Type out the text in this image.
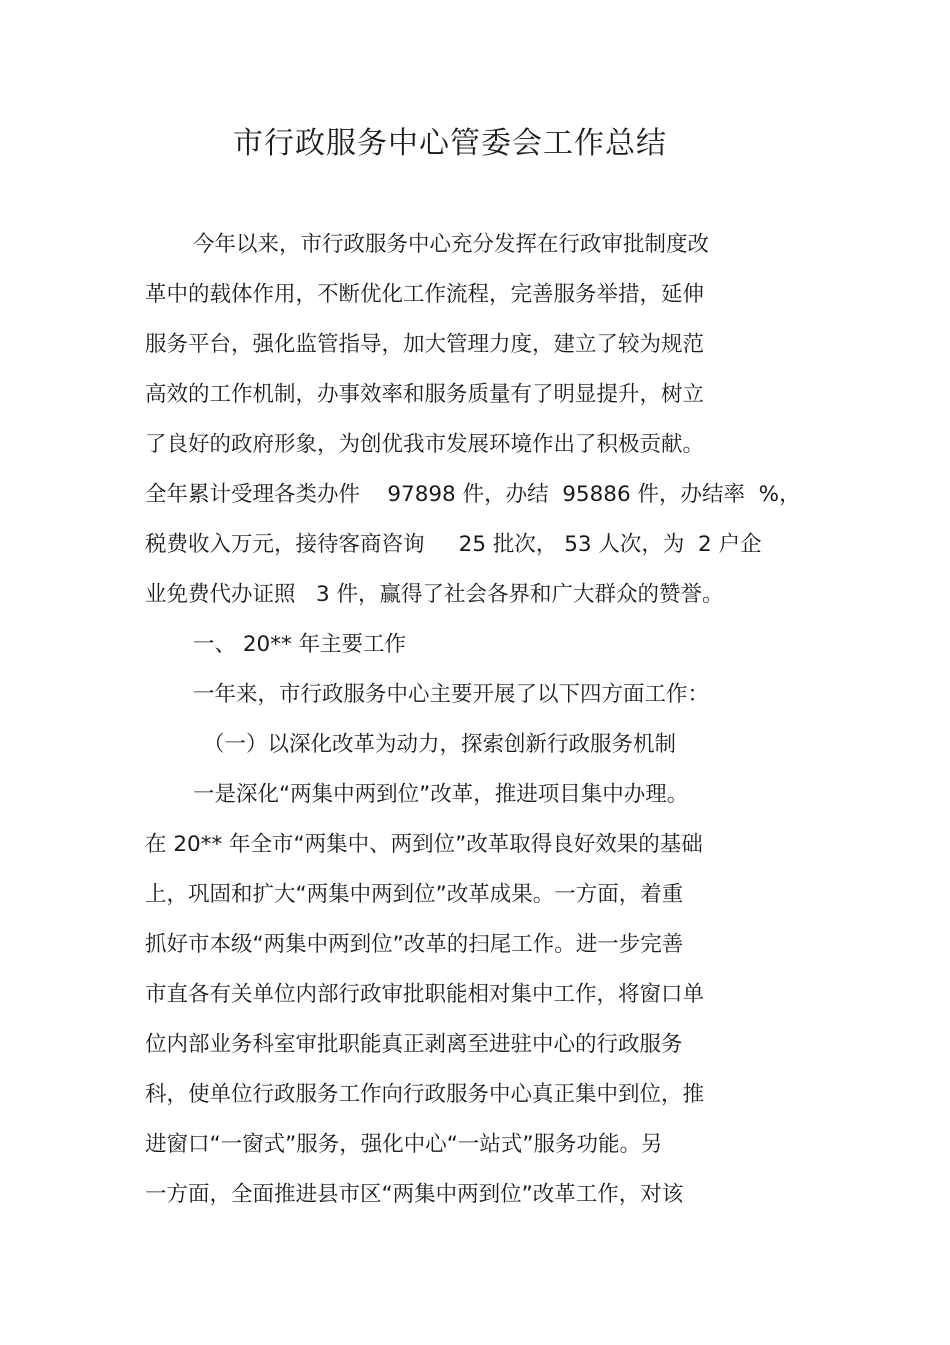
市行政服务中心管委会工作总结
今年以来，市行政服务中心充分发挥在行政审批制度改
革中的载体作用，不断优化工作流程，完善服务举措，延伸
服务平台，强化监管指导，加大管理力度，建立了较为规范
高效的工作机制，办事效率和服务质量有了明显提升，树立
了良好的政府形象，为创优我市发展环境作出了积极贡献。
全年累计受理各类办件    97898 件，办结  95886 件，办结率  %，
税费收入万元，接待客商咨询     25 批次， 53 人次，为  2 户企
业免费代办证照   3 件，赢得了社会各界和广大群众的赞誉。
一、 20** 年主要工作
一年来，市行政服务中心主要开展了以下四方面工作：
（一）以深化改革为动力，探索创新行政服务机制
一是深化“两集中两到位”改革，推进项目集中办理。
在 20** 年全市“两集中、两到位”改革取得良好效果的基础
上，巩固和扩大“两集中两到位”改革成果。一方面，着重
抓好市本级“两集中两到位”改革的扫尾工作。进一步完善
市直各有关单位内部行政审批职能相对集中工作，将窗口单
位内部业务科室审批职能真正剥离至进驻中心的行政服务
科，使单位行政服务工作向行政服务中心真正集中到位，推
进窗口“一窗式”服务，强化中心“一站式”服务功能。另
一方面，全面推进县市区“两集中两到位”改革工作，对该
